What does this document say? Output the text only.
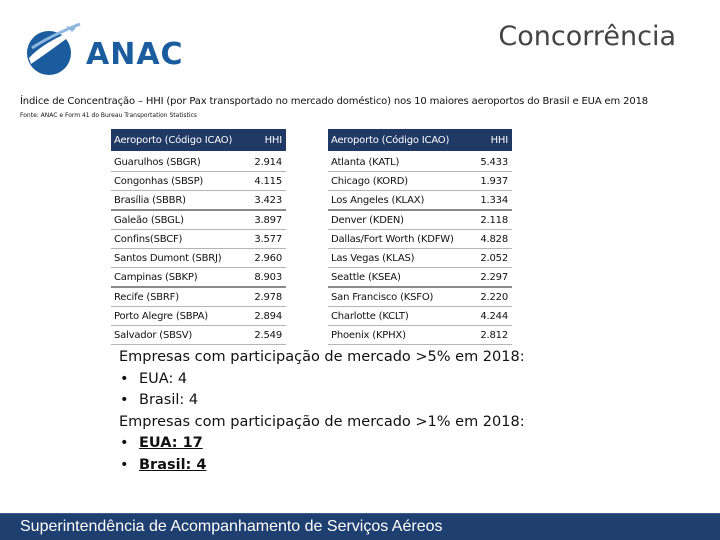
ANAC
Concorrência
Índice de Concentração – HHI (por Pax transportado no mercado doméstico) nos 10 maiores aeroportos do Brasil e EUA em 2018
Fonte: ANAC e Form 41 do Bureau Transportation Statistics
Aeroporto (Código ICAO)	HHI
Guarulhos (SBGR)	2.914
Congonhas (SBSP)	4.115
Brasília (SBBR)	3.423
Galeão (SBGL)	3.897
Confins(SBCF)	3.577
Santos Dumont (SBRJ)	2.960
Campinas (SBKP)	8.903
Recife (SBRF)	2.978
Porto Alegre (SBPA)	2.894
Salvador (SBSV)	2.549
Aeroporto (Código ICAO)	HHI
Atlanta (KATL)	5.433
Chicago (KORD)	1.937
Los Angeles (KLAX)	1.334
Denver (KDEN)	2.118
Dallas/Fort Worth (KDFW)	4.828
Las Vegas (KLAS)	2.052
Seattle (KSEA)	2.297
San Francisco (KSFO)	2.220
Charlotte (KCLT)	4.244
Phoenix (KPHX)	2.812
Empresas com participação de mercado >5% em 2018:
• EUA: 4
• Brasil: 4
Empresas com participação de mercado >1% em 2018:
• EUA: 17
• Brasil: 4
Superintendência de Acompanhamento de Serviços Aéreos
